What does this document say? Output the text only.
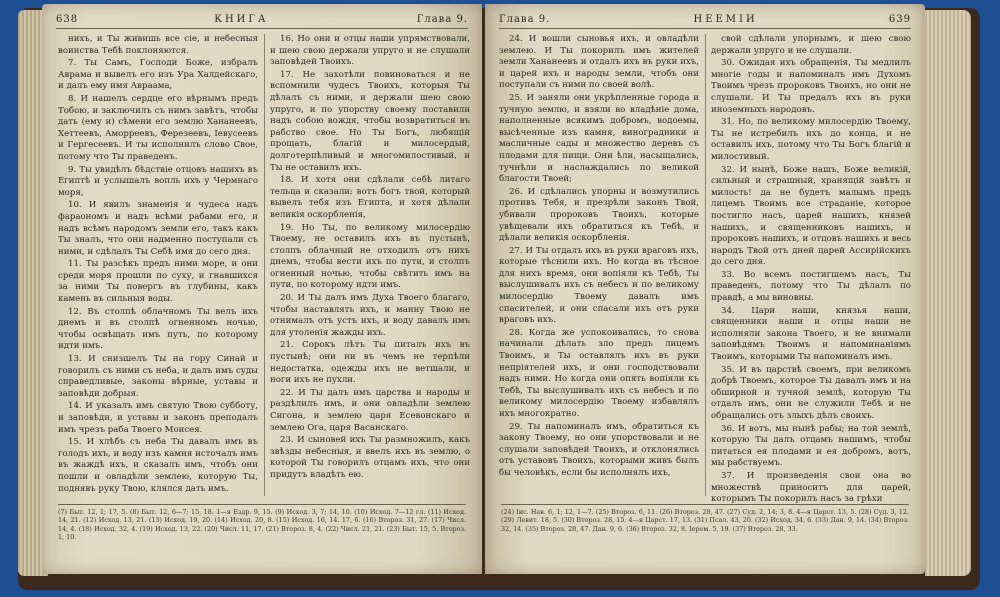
638	КНИГА	Глава 9.

ниxъ, и Ты живишь все сіе, и небесныя воинства Тебѣ поклоняются.

7. Ты Самъ, Господи Боже, избралъ Аврама и вывелъ его изъ Ура Халдейскаго, и далъ ему имя Авраама,

8. И нашелъ сердце его вѣрнымъ предъ Тобою, и заключилъ съ нимъ завѣтъ, чтобы дать (ему и) сѣмени его землю Хананеевъ, Хеттеевъ, Аморреевъ, Ферезеевъ, Іевусеевъ и Гергесеевъ. И ты исполнилъ слово Свое, потому что Ты праведенъ.

9. Ты увидѣлъ бѣдствіе отцовъ нашихъ въ Египтѣ и услышалъ вопль ихъ у Чермнаго моря,

10. И явилъ знаменія и чудеса надъ фараономъ и надъ всѣми рабами его, и надъ всѣмъ народомъ земли его, такъ какъ Ты зналъ, что они надменно поступали съ ними, и сдѣлалъ Ты Себѣ имя до сего дня.

11. Ты разсѣкъ предъ ними море, и они среди моря прошли по суху, и гнавшихся за ними Ты повергъ въ глубины, какъ камень въ сильныя воды.

12. Въ столпѣ облачномъ Ты велъ ихъ днемъ и въ столпѣ огненномъ ночью, чтобы освѣщать имъ путь, по которому идти имъ.

13. И снизшелъ Ты на гору Синай и говорилъ съ ними съ неба, и далъ имъ суды справедливые, законы вѣрные, уставы и заповѣди добрыя.

14. И указалъ имъ святую Твою субботу, и заповѣди, и уставы и законъ преподалъ имъ чрезъ раба Твоего Моисея.

15. И хлѣбъ съ неба Ты давалъ имъ въ голодъ ихъ, и воду изъ камня источалъ имъ въ жаждѣ ихъ, и сказалъ имъ, чтобъ они пошли и овладѣли землею, которую Ты, поднявъ руку Твою, клялся дать имъ.

16. Но они и отцы наши упрямствовали, и шею свою держали упруго и не слушали заповѣдей Твоихъ.

17. Не захотѣли повиноваться и не вспомнили чудесъ Твоихъ, которыя Ты дѣлалъ съ ними, и держали шею свою упруго, и по упорству своему поставили надъ собою вождя, чтобы возвратиться въ рабство свое. Но Ты Богъ, любящій прощать, благій и милосердый, долготерпѣливый и многомилостивый, и Ты не оставилъ ихъ.

18. И хотя они сдѣлали себѣ литаго тельца и сказали: вотъ богъ твой, который вывелъ тебя изъ Египта, и хотя дѣлали великія оскорбленія,

19. Но Ты, по великому милосердію Твоему, не оставилъ ихъ въ пустынѣ, столпъ облачный не отходилъ отъ нихъ днемъ, чтобы вести ихъ по пути, и столпъ огненный ночью, чтобы свѣтить имъ на пути, по которому идти имъ.

20. И Ты далъ имъ Духа Твоего благаго, чтобы наставлять ихъ, и манну Твою не отнималъ отъ устъ ихъ, и воду давалъ имъ для утоленія жажды ихъ.

21. Сорокъ лѣтъ Ты питалъ ихъ въ пустынѣ; они ни въ чемъ не терпѣли недостатка, одежды ихъ не ветшали, и ноги ихъ не пухли.

22. И Ты далъ имъ царства и народы и раздѣлилъ имъ, и они овладѣли землею Сигона, и землею царя Есевонскаго и землею Ога, царя Васанскаго.

23. И сыновей ихъ Ты размножилъ, какъ звѣзды небесныя, и ввелъ ихъ въ землю, о которой Ты говорилъ отцамъ ихъ, что они придутъ владѣть ею.

(7) Быт. 12, 1; 17, 5. (8) Быт. 12, 6—7; 15, 18. 1—я Ездр. 9, 15. (9) Исход. 3, 7; 14, 10. (10) Исход. 7—12 гл. (11) Исход. 14, 21. (12) Исход. 13, 21. (13) Исход. 19, 20. (14) Исход. 20, 8. (15) Исход. 16, 14. 17, 6. (16) Второз. 31, 27. (17) Числ. 14, 4. (18) Исход. 32, 4. (19) Исход. 13, 22. (20) Числ. 11, 17. (21) Второз. 8, 4. (22) Числ. 21, 21. (23) Быт. 15, 5. Второз. 1, 10.
Глава 9.	НЕЕМІИ	639

24. И вошли сыновья ихъ, и овладѣли землею. И Ты покорилъ имъ жителей земли Хананеевъ и отдалъ ихъ въ руки ихъ, и царей ихъ и народы земли, чтобъ они поступали съ ними по своей волѣ.

25. И заняли они укрѣпленные города и тучную землю, и взяли во владѣніе дома, наполненные всякимъ добромъ, водоемы, высѣченные изъ камня, виноградники и масличные сады и множество деревъ съ плодами для пищи. Они ѣли, насыщались, тучнѣли и наслаждались по великой благости Твоей;

26. И сдѣлались упорны и возмутились противъ Тебя, и презрѣли законъ Твой, убивали пророковъ Твоихъ, которые увѣщевали ихъ обратиться къ Тебѣ, и дѣлали великія оскорбленія.

27. И Ты отдалъ ихъ въ руки враговъ ихъ, которые тѣснили ихъ. Но когда въ тѣсное для нихъ время, они вопіяли къ Тебѣ, Ты выслушивалъ ихъ съ небесъ и по великому милосердію Твоему давалъ имъ спасителей, и они спасали ихъ отъ руки враговъ ихъ.

28. Когда же успокоивались, то снова начинали дѣлать зло предъ лицемъ Твоимъ, и Ты оставлялъ ихъ въ руки непріятелей ихъ, и они господствовали надъ ними. Но когда они опять вопіяли къ Тебѣ, Ты выслушивалъ ихъ съ небесъ и по великому милосердію Твоему избавлялъ ихъ многократно.

29. Ты напоминалъ имъ, обратиться къ закону Твоему, но они упорствовали и не слушали заповѣдей Твоихъ, и отклонялись отъ уставовъ Твоихъ, которыми живъ былъ бы человѣкъ, если бы исполнялъ ихъ,

свой сдѣлали упорнымъ, и шею свою держали упруго и не слушали.

30. Ожидая ихъ обращенія, Ты медлилъ многіе годы и напоминалъ имъ Духомъ Твоимъ чрезъ пророковъ Твоихъ, но они не слушали. И Ты предалъ ихъ въ руки иноземныхъ народовъ.

31. Но, по великому милосердію Твоему, Ты не истребилъ ихъ до конца, и не оставилъ ихъ, потому что Ты Богъ благій и милостивый.

32. И нынѣ, Боже нашъ, Боже великій, сильный и страшный, хранящій завѣтъ и милость! да не будетъ малымъ предъ лицемъ Твоимъ все страданіе, которое постигло насъ, царей нашихъ, князей нашихъ, и священниковъ нашихъ, и пророковъ нашихъ, и отцовъ нашихъ и весь народъ Твой отъ дней царей Ассирійскихъ до сего дня.

33. Во всемъ постигшемъ насъ, Ты праведенъ, потому что Ты дѣлалъ по правдѣ, а мы виновны.

34. Цари наши, князья наши, священники наши и отцы наши не исполняли закона Твоего, и не внимали заповѣдямъ Твоимъ и напоминаніямъ Твоимъ, которыми Ты напоминалъ имъ.

35. И въ царствѣ своемъ, при великомъ добрѣ Твоемъ, которое Ты давалъ имъ и на обширной и тучной землѣ, которую Ты отдалъ имъ, они не служили Тебѣ и не обращались отъ злыхъ дѣлъ своихъ.

36. И вотъ, мы нынѣ рабы; на той землѣ, которую Ты далъ отцамъ нашимъ, чтобы питаться ея плодами и ея добромъ, вотъ, мы рабствуемъ.

37. И произведенія свои она во множествѣ приноситъ для царей, которымъ Ты покорилъ насъ за грѣхи

(24) Іис. Нав. 6, 1; 12, 1—7. (25) Второз. 6, 11. (26) Второз. 28, 47. (27) Суд. 2, 14; 3, 8. 4—я Царст. 13, 5. (28) Суд. 3, 12. (29) Левит. 18, 5. (30) Второз. 28, 15. 4—я Царст. 17, 13. (31) Псал. 43, 20. (32) Исход. 34, 6. (33) Дан. 9, 14. (34) Второз. 32, 14. (35) Второз. 28, 47. Дан. 9, 6. (36) Второз. 32, 8. Іерем. 5, 19. (37) Второз. 28, 33.
